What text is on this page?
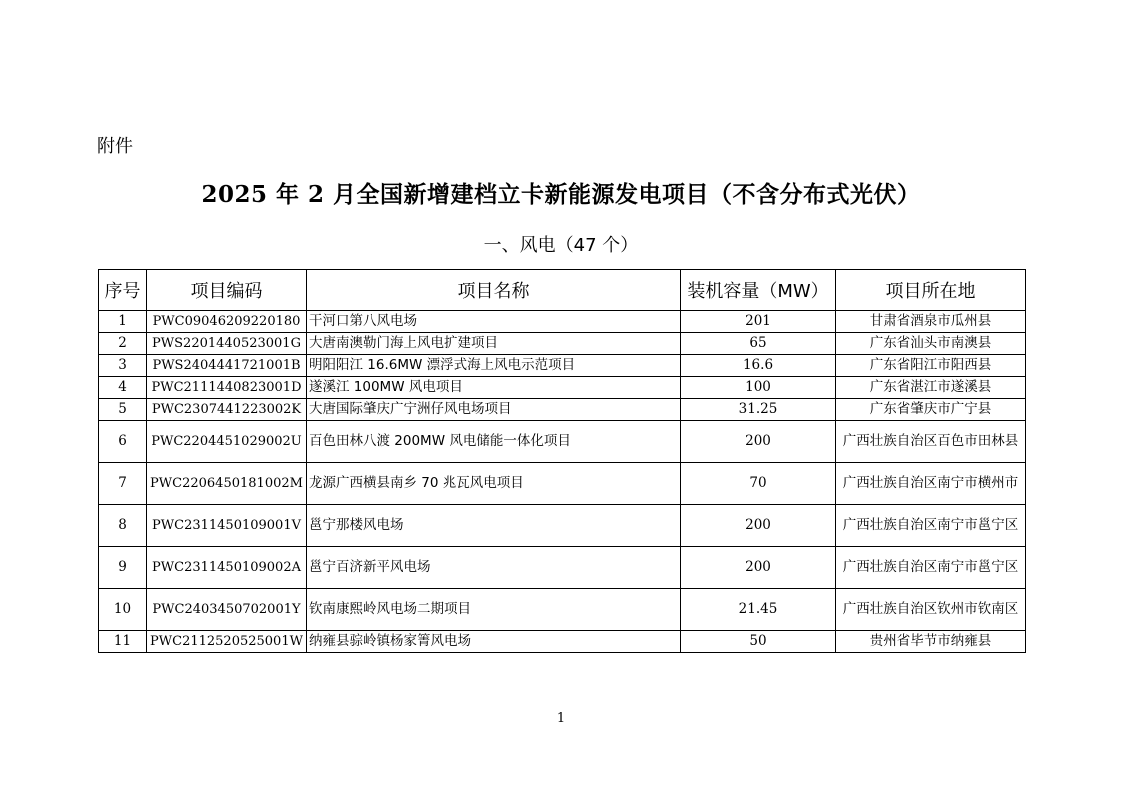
附件
2025 年 2 月全国新增建档立卡新能源发电项目（不含分布式光伏）
一、风电（47 个）
序号	项目编码	项目名称	装机容量（MW）	项目所在地
1	PWC09046209220180	干河口第八风电场	201	甘肃省酒泉市瓜州县
2	PWS2201440523001G	大唐南澳勒门海上风电扩建项目	65	广东省汕头市南澳县
3	PWS2404441721001B	明阳阳江 16.6MW 漂浮式海上风电示范项目	16.6	广东省阳江市阳西县
4	PWC2111440823001D	遂溪江 100MW 风电项目	100	广东省湛江市遂溪县
5	PWC2307441223002K	大唐国际肇庆广宁洲仔风电场项目	31.25	广东省肇庆市广宁县
6	PWC2204451029002U	百色田林八渡 200MW 风电储能一体化项目	200	广西壮族自治区百色市田林县
7	PWC2206450181002M	龙源广西横县南乡 70 兆瓦风电项目	70	广西壮族自治区南宁市横州市
8	PWC2311450109001V	邕宁那楼风电场	200	广西壮族自治区南宁市邕宁区
9	PWC2311450109002A	邕宁百济新平风电场	200	广西壮族自治区南宁市邕宁区
10	PWC2403450702001Y	钦南康熙岭风电场二期项目	21.45	广西壮族自治区钦州市钦南区
11	PWC2112520525001W	纳雍县骔岭镇杨家箐风电场	50	贵州省毕节市纳雍县
1
